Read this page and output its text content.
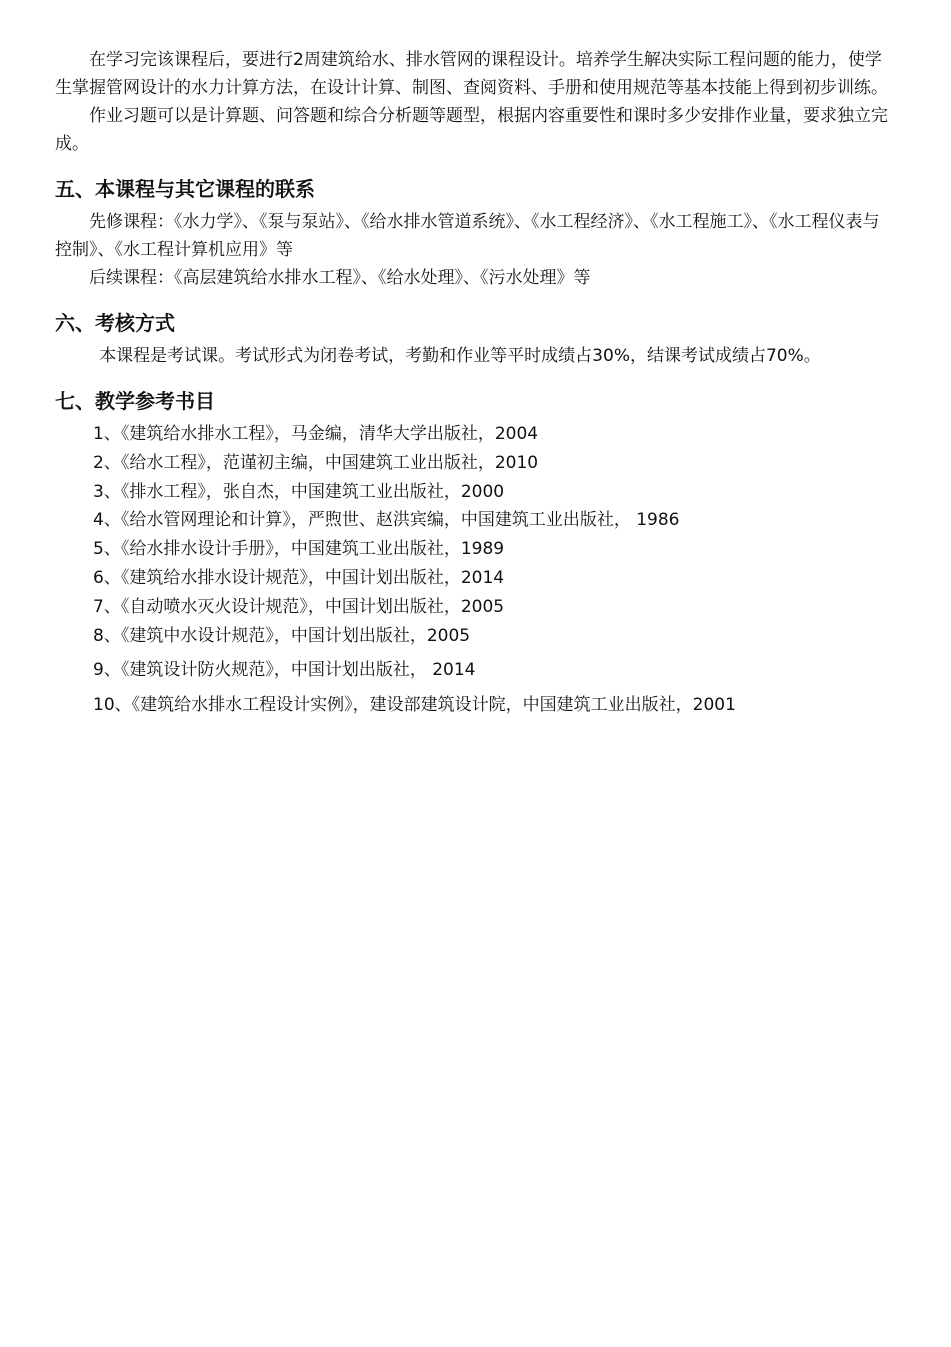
在学习完该课程后，要进行2周建筑给水、排水管网的课程设计。培养学生解决实际工程问题的能力，使学生掌握管网设计的水力计算方法，在设计计算、制图、查阅资料、手册和使用规范等基本技能上得到初步训练。

作业习题可以是计算题、问答题和综合分析题等题型，根据内容重要性和课时多少安排作业量，要求独立完成。

五、本课程与其它课程的联系

先修课程：《水力学》、《泵与泵站》、《给水排水管道系统》、《水工程经济》、《水工程施工》、《水工程仪表与控制》、《水工程计算机应用》等

后续课程：《高层建筑给水排水工程》、《给水处理》、《污水处理》等

六、考核方式

本课程是考试课。考试形式为闭卷考试，考勤和作业等平时成绩占30%，结课考试成绩占70%。

七、教学参考书目
1、《建筑给水排水工程》，马金编，清华大学出版社，2004
2、《给水工程》，范谨初主编，中国建筑工业出版社，2010
3、《排水工程》，张自杰，中国建筑工业出版社，2000
4、《给水管网理论和计算》，严煦世、赵洪宾编，中国建筑工业出版社， 1986
5、《给水排水设计手册》，中国建筑工业出版社，1989
6、《建筑给水排水设计规范》，中国计划出版社，2014
7、《自动喷水灭火设计规范》，中国计划出版社，2005
8、《建筑中水设计规范》，中国计划出版社，2005
9、《建筑设计防火规范》，中国计划出版社， 2014
10、《建筑给水排水工程设计实例》，建设部建筑设计院，中国建筑工业出版社，2001
